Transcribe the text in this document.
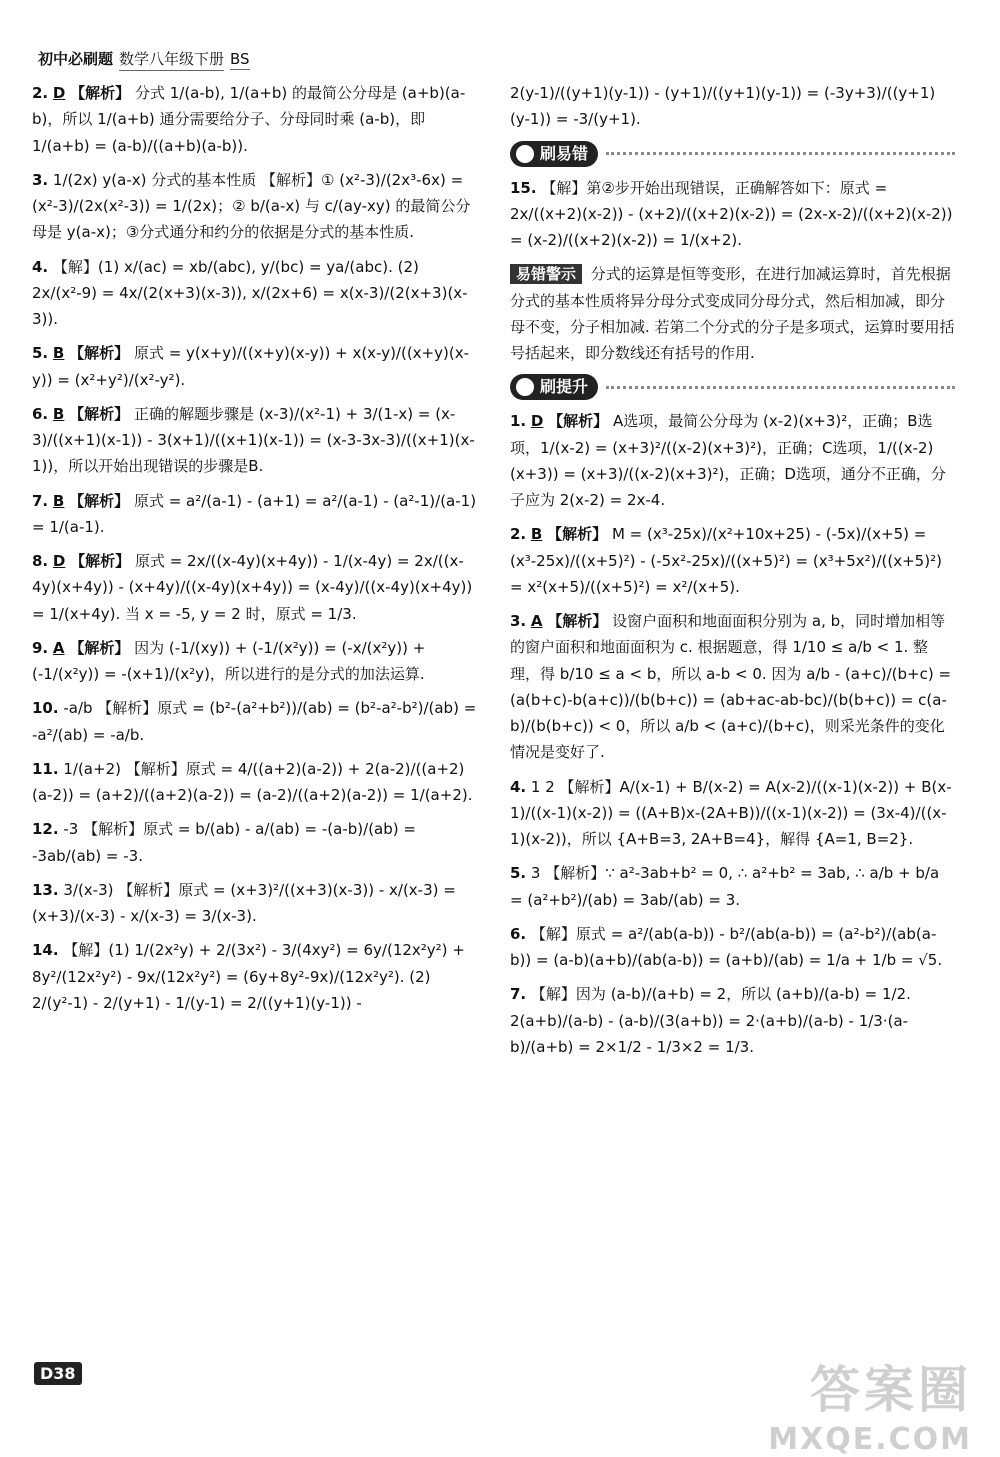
初中必刷题 数学八年级下册 BS
2. D 【解析】 分式 1/(a-b), 1/(a+b) 的最简公分母是 (a+b)(a-b)，所以 1/(a+b) 通分需要给分子、分母同时乘 (a-b)，即 1/(a+b) = (a-b)/((a+b)(a-b)).
3. 1/(2x) y(a-x) 分式的基本性质 【解析】① (x²-3)/(2x³-6x) = (x²-3)/(2x(x²-3)) = 1/(2x)；② b/(a-x) 与 c/(ay-xy) 的最简公分母是 y(a-x)；③分式通分和约分的依据是分式的基本性质.
4. 【解】(1) x/(ac) = xb/(abc), y/(bc) = ya/(abc). (2) 2x/(x²-9) = 4x/(2(x+3)(x-3)), x/(2x+6) = x(x-3)/(2(x+3)(x-3)).
5. B 【解析】 原式 = y(x+y)/((x+y)(x-y)) + x(x-y)/((x+y)(x-y)) = (x²+y²)/(x²-y²).
6. B 【解析】 正确的解题步骤是 (x-3)/(x²-1) + 3/(1-x) = (x-3)/((x+1)(x-1)) - 3(x+1)/((x+1)(x-1)) = (x-3-3x-3)/((x+1)(x-1))，所以开始出现错误的步骤是B.
7. B 【解析】 原式 = a²/(a-1) - (a+1) = a²/(a-1) - (a²-1)/(a-1) = 1/(a-1).
8. D 【解析】 原式 = 2x/((x-4y)(x+4y)) - 1/(x-4y) = 2x/((x-4y)(x+4y)) - (x+4y)/((x-4y)(x+4y)) = (x-4y)/((x-4y)(x+4y)) = 1/(x+4y). 当 x = -5, y = 2 时，原式 = 1/3.
9. A 【解析】 因为 (-1/(xy)) + (-1/(x²y)) = (-x/(x²y)) + (-1/(x²y)) = -(x+1)/(x²y)，所以进行的是分式的加法运算.
10. -a/b 【解析】原式 = (b²-(a²+b²))/(ab) = (b²-a²-b²)/(ab) = -a²/(ab) = -a/b.
11. 1/(a+2) 【解析】原式 = 4/((a+2)(a-2)) + 2(a-2)/((a+2)(a-2)) = (a+2)/((a+2)(a-2)) = (a-2)/((a+2)(a-2)) = 1/(a+2).
12. -3 【解析】原式 = b/(ab) - a/(ab) = -(a-b)/(ab) = -3ab/(ab) = -3.
13. 3/(x-3) 【解析】原式 = (x+3)²/((x+3)(x-3)) - x/(x-3) = (x+3)/(x-3) - x/(x-3) = 3/(x-3).
14. 【解】(1) 1/(2x²y) + 2/(3x²) - 3/(4xy²) = 6y/(12x²y²) + 8y²/(12x²y²) - 9x/(12x²y²) = (6y+8y²-9x)/(12x²y²). (2) 2/(y²-1) - 2/(y+1) - 1/(y-1) = 2/((y+1)(y-1)) -
2(y-1)/((y+1)(y-1)) - (y+1)/((y+1)(y-1)) = (-3y+3)/((y+1)(y-1)) = -3/(y+1).
刷易错
15. 【解】第②步开始出现错误，正确解答如下：原式 = 2x/((x+2)(x-2)) - (x+2)/((x+2)(x-2)) = (2x-x-2)/((x+2)(x-2)) = (x-2)/((x+2)(x-2)) = 1/(x+2).
易错警示 分式的运算是恒等变形，在进行加减运算时，首先根据分式的基本性质将异分母分式变成同分母分式，然后相加减，即分母不变，分子相加减. 若第二个分式的分子是多项式，运算时要用括号括起来，即分数线还有括号的作用.
刷提升
1. D 【解析】 A选项，最简公分母为 (x-2)(x+3)²，正确；B选项，1/(x-2) = (x+3)²/((x-2)(x+3)²)，正确；C选项，1/((x-2)(x+3)) = (x+3)/((x-2)(x+3)²)，正确；D选项，通分不正确，分子应为 2(x-2) = 2x-4.
2. B 【解析】 M = (x³-25x)/(x²+10x+25) - (-5x)/(x+5) = (x³-25x)/((x+5)²) - (-5x²-25x)/((x+5)²) = (x³+5x²)/((x+5)²) = x²(x+5)/((x+5)²) = x²/(x+5).
3. A 【解析】 设窗户面积和地面面积分别为 a, b，同时增加相等的窗户面积和地面面积为 c. 根据题意，得 1/10 ≤ a/b < 1. 整理，得 b/10 ≤ a < b，所以 a-b < 0. 因为 a/b - (a+c)/(b+c) = (a(b+c)-b(a+c))/(b(b+c)) = (ab+ac-ab-bc)/(b(b+c)) = c(a-b)/(b(b+c)) < 0，所以 a/b < (a+c)/(b+c)，则采光条件的变化情况是变好了.
4. 1 2 【解析】A/(x-1) + B/(x-2) = A(x-2)/((x-1)(x-2)) + B(x-1)/((x-1)(x-2)) = ((A+B)x-(2A+B))/((x-1)(x-2)) = (3x-4)/((x-1)(x-2))，所以 {A+B=3, 2A+B=4}，解得 {A=1, B=2}.
5. 3 【解析】∵ a²-3ab+b² = 0, ∴ a²+b² = 3ab, ∴ a/b + b/a = (a²+b²)/(ab) = 3ab/(ab) = 3.
6. 【解】原式 = a²/(ab(a-b)) - b²/(ab(a-b)) = (a²-b²)/(ab(a-b)) = (a-b)(a+b)/(ab(a-b)) = (a+b)/(ab) = 1/a + 1/b = √5.
7. 【解】因为 (a-b)/(a+b) = 2，所以 (a+b)/(a-b) = 1/2. 2(a+b)/(a-b) - (a-b)/(3(a+b)) = 2·(a+b)/(a-b) - 1/3·(a-b)/(a+b) = 2×1/2 - 1/3×2 = 1/3.
D38	答案圈
MXQE.COM
